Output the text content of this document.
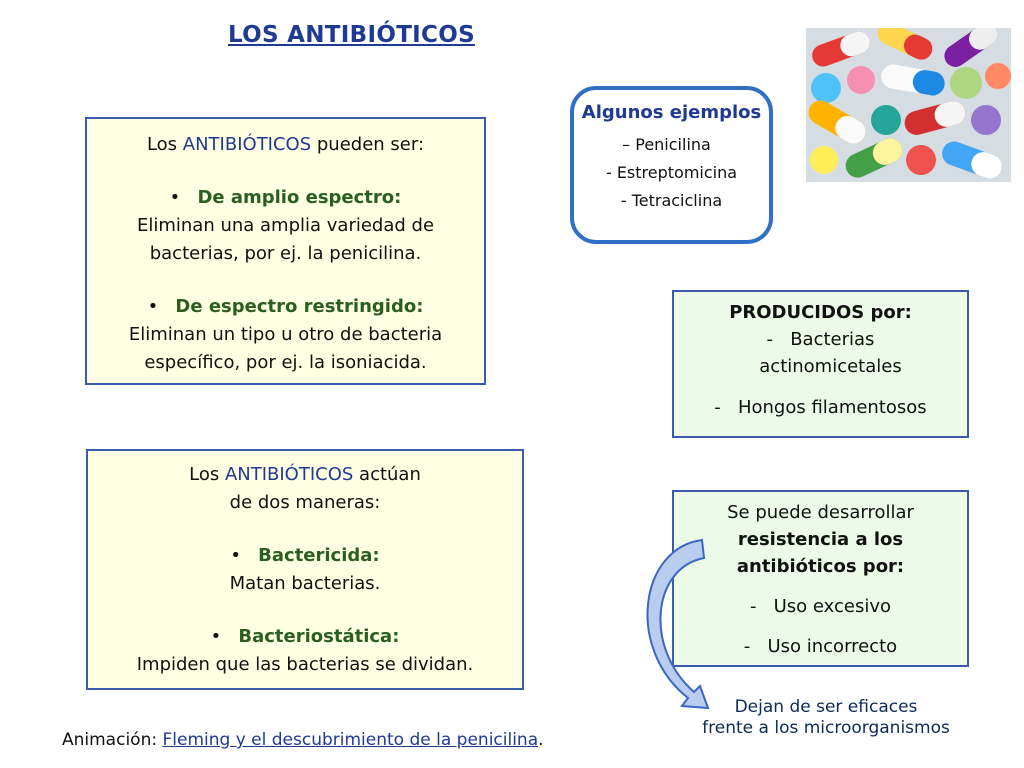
LOS ANTIBIÓTICOS
Los ANTIBIÓTICOS pueden ser:
•   De amplio espectro:
Eliminan una amplia variedad de
bacterias, por ej. la penicilina.
•   De espectro restringido:
Eliminan un tipo u otro de bacteria
específico, por ej. la isoniacida.
Los ANTIBIÓTICOS actúan
de dos maneras:
•   Bactericida:
Matan bacterias.
•   Bacteriostática:
Impiden que las bacterias se dividan.
Algunos ejemplos
– Penicilina
- Estreptomicina
- Tetraciclina
PRODUCIDOS por:
-   Bacterias
actinomicetales
-   Hongos filamentosos
Se puede desarrollar
resistencia a los
antibióticos por:
-   Uso excesivo
-   Uso incorrecto
Dejan de ser eficaces
frente a los microorganismos
Animación: Fleming y el descubrimiento de la penicilina.
